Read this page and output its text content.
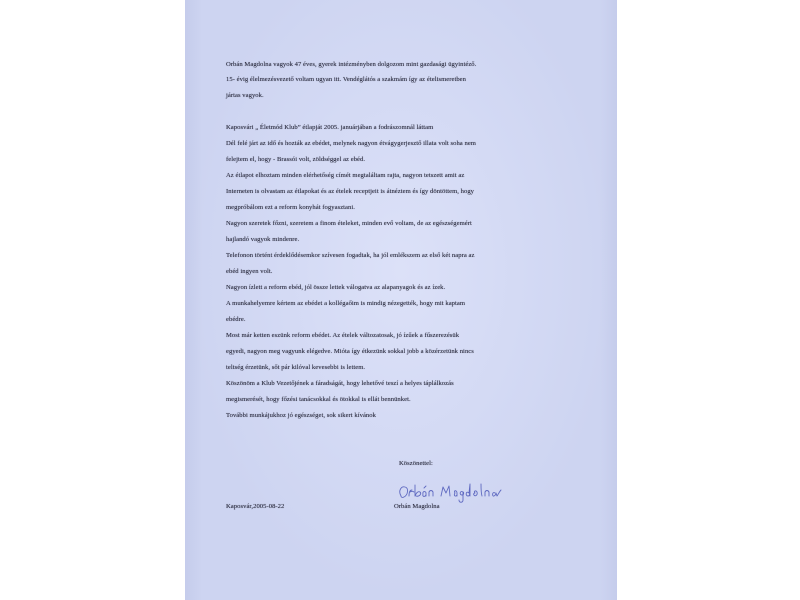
Orbán Magdolna vagyok 47 éves, gyerek intézményben dolgozom mint gazdasági ügyintéző.

15- évig élelmezésvezető voltam ugyan itt. Vendéglátós a szakmám így az ételismeretben

jártas vagyok.

Kaposvári „ Életmód Klub” étlapját 2005. januárjában a fodrászomnál láttam

Dél felé járt az idő és hozták az ebédet, melynek nagyon étvágygerjesztő illata volt soha nem

felejtem el, hogy - Brassói volt, zöldséggel az ebéd.

Az étlapot elhoztam minden elérhetőség címét megtaláltam rajta, nagyon tetszett amit az

Interneten is olvastam az étlapokat és az ételek receptjeit is átnéztem és így döntöttem, hogy

megpróbálom ezt a reform konyhát fogyasztani.

Nagyon szeretek főzni, szeretem a finom ételeket, minden evő voltam, de az egészségemért

hajlandó vagyok mindenre.

Telefonon történt érdeklődésemkor szívesen fogadtak, ha jól emlékszem az első két napra az

ebéd ingyen volt.

Nagyon ízlett a reform ebéd, jól össze lettek válogatva az alapanyagok és az ízek.

A munkahelyemre kértem az ebédet a kollégaőim is mindig nézegették, hogy mit kaptam

ebédre.

Most már ketten eszünk reform ebédet. Az ételek változatosak, jó ízűek a fűszerezésük

egyedi, nagyon meg vagyunk elégedve. Mióta így étkezünk sokkal jobb a közérzetünk nincs

teltség érzetünk, sőt pár kilóval kevesebbi is lettem.

Köszönöm a Klub Vezetőjének a fáradságát, hogy lehetővé teszí a helyes táplálkozás

megismerését, hogy főzési tanácsokkal és ötokkal is ellát bennünket.

További munkájukhoz jó egészséget, sok sikert kívánok

Köszönettel:

Kaposvár,2005-08-22	Orbán Magdolna
